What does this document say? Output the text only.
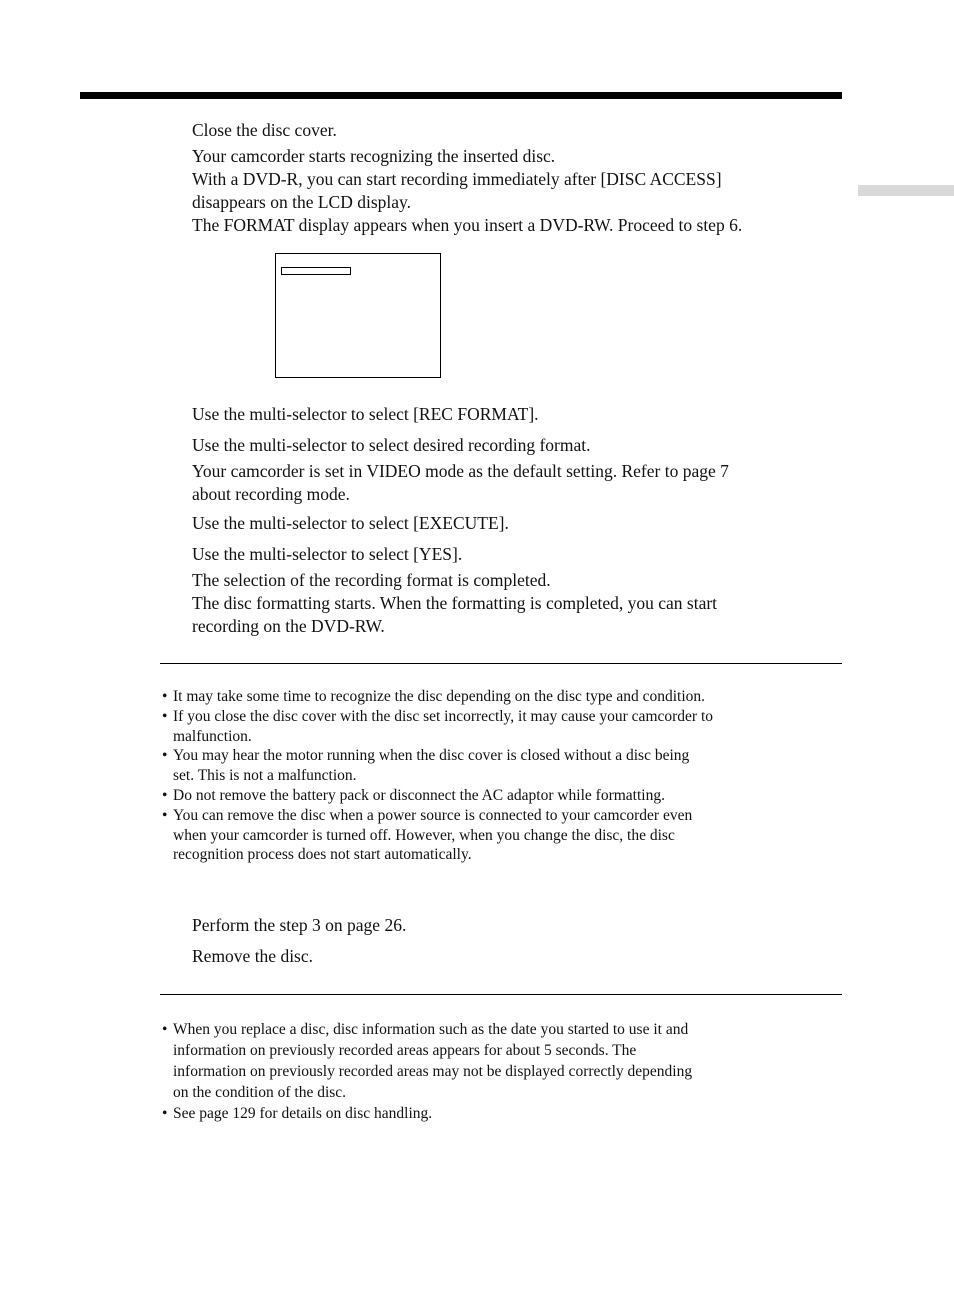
Close the disc cover.
Your camcorder starts recognizing the inserted disc.
With a DVD-R, you can start recording immediately after [DISC ACCESS]
disappears on the LCD display.
The FORMAT display appears when you insert a DVD-RW. Proceed to step 6.
Use the multi-selector to select [REC FORMAT].
Use the multi-selector to select desired recording format.
Your camcorder is set in VIDEO mode as the default setting. Refer to page 7
about recording mode.
Use the multi-selector to select [EXECUTE].
Use the multi-selector to select [YES].
The selection of the recording format is completed.
The disc formatting starts. When the formatting is completed, you can start
recording on the DVD-RW.
• It may take some time to recognize the disc depending on the disc type and condition.
• If you close the disc cover with the disc set incorrectly, it may cause your camcorder to
malfunction.
• You may hear the motor running when the disc cover is closed without a disc being
set. This is not a malfunction.
• Do not remove the battery pack or disconnect the AC adaptor while formatting.
• You can remove the disc when a power source is connected to your camcorder even
when your camcorder is turned off. However, when you change the disc, the disc
recognition process does not start automatically.
Perform the step 3 on page 26.
Remove the disc.
• When you replace a disc, disc information such as the date you started to use it and
information on previously recorded areas appears for about 5 seconds. The
information on previously recorded areas may not be displayed correctly depending
on the condition of the disc.
• See page 129 for details on disc handling.
